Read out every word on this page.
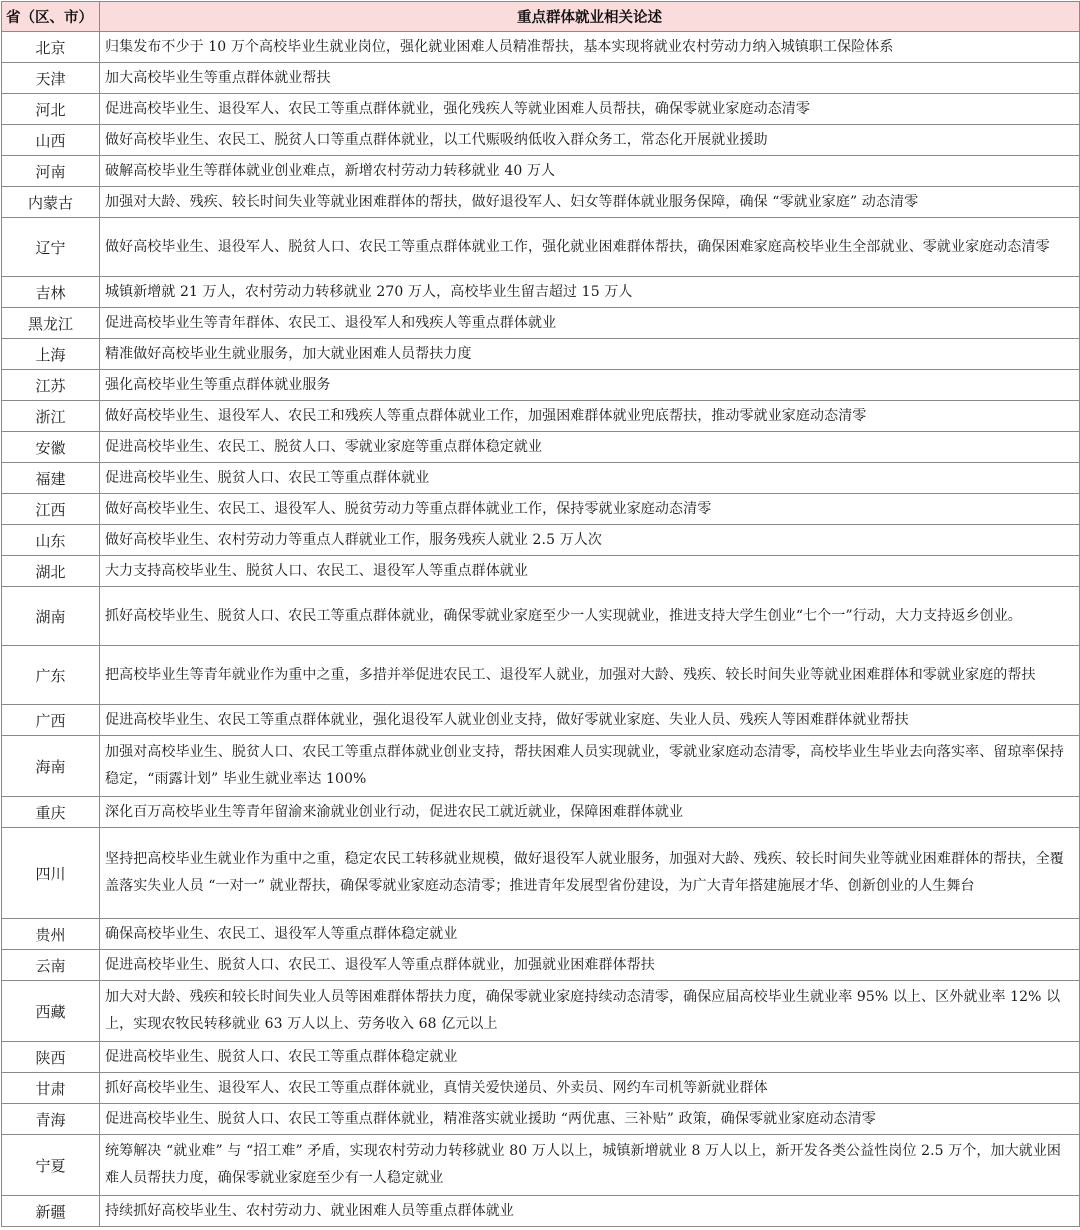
省（区、市）	重点群体就业相关论述
北京	归集发布不少于 10 万个高校毕业生就业岗位，强化就业困难人员精准帮扶，基本实现将就业农村劳动力纳入城镇职工保险体系
天津	加大高校毕业生等重点群体就业帮扶
河北	促进高校毕业生、退役军人、农民工等重点群体就业，强化残疾人等就业困难人员帮扶，确保零就业家庭动态清零
山西	做好高校毕业生、农民工、脱贫人口等重点群体就业，以工代赈吸纳低收入群众务工，常态化开展就业援助
河南	破解高校毕业生等群体就业创业难点，新增农村劳动力转移就业 40 万人
内蒙古	加强对大龄、残疾、较长时间失业等就业困难群体的帮扶，做好退役军人、妇女等群体就业服务保障，确保 “零就业家庭” 动态清零
辽宁	做好高校毕业生、退役军人、脱贫人口、农民工等重点群体就业工作，强化就业困难群体帮扶，确保困难家庭高校毕业生全部就业、零就业家庭动态清零
吉林	城镇新增就 21 万人，农村劳动力转移就业 270 万人，高校毕业生留吉超过 15 万人
黑龙江	促进高校毕业生等青年群体、农民工、退役军人和残疾人等重点群体就业
上海	精准做好高校毕业生就业服务，加大就业困难人员帮扶力度
江苏	强化高校毕业生等重点群体就业服务
浙江	做好高校毕业生、退役军人、农民工和残疾人等重点群体就业工作，加强困难群体就业兜底帮扶，推动零就业家庭动态清零
安徽	促进高校毕业生、农民工、脱贫人口、零就业家庭等重点群体稳定就业
福建	促进高校毕业生、脱贫人口、农民工等重点群体就业
江西	做好高校毕业生、农民工、退役军人、脱贫劳动力等重点群体就业工作，保持零就业家庭动态清零
山东	做好高校毕业生、农村劳动力等重点人群就业工作，服务残疾人就业 2.5 万人次
湖北	大力支持高校毕业生、脱贫人口、农民工、退役军人等重点群体就业
湖南	抓好高校毕业生、脱贫人口、农民工等重点群体就业，确保零就业家庭至少一人实现就业，推进支持大学生创业“七个一”行动，大力支持返乡创业。
广东	把高校毕业生等青年就业作为重中之重，多措并举促进农民工、退役军人就业，加强对大龄、残疾、较长时间失业等就业困难群体和零就业家庭的帮扶
广西	促进高校毕业生、农民工等重点群体就业，强化退役军人就业创业支持，做好零就业家庭、失业人员、残疾人等困难群体就业帮扶
海南	加强对高校毕业生、脱贫人口、农民工等重点群体就业创业支持，帮扶困难人员实现就业，零就业家庭动态清零，高校毕业生毕业去向落实率、留琼率保持稳定，“雨露计划” 毕业生就业率达 100%
重庆	深化百万高校毕业生等青年留渝来渝就业创业行动，促进农民工就近就业，保障困难群体就业
四川	坚持把高校毕业生就业作为重中之重，稳定农民工转移就业规模，做好退役军人就业服务，加强对大龄、残疾、较长时间失业等就业困难群体的帮扶，全覆盖落实失业人员 “一对一” 就业帮扶，确保零就业家庭动态清零；推进青年发展型省份建设，为广大青年搭建施展才华、创新创业的人生舞台
贵州	确保高校毕业生、农民工、退役军人等重点群体稳定就业
云南	促进高校毕业生、脱贫人口、农民工、退役军人等重点群体就业，加强就业困难群体帮扶
西藏	加大对大龄、残疾和较长时间失业人员等困难群体帮扶力度，确保零就业家庭持续动态清零，确保应届高校毕业生就业率 95% 以上、区外就业率 12% 以上，实现农牧民转移就业 63 万人以上、劳务收入 68 亿元以上
陕西	促进高校毕业生、脱贫人口、农民工等重点群体稳定就业
甘肃	抓好高校毕业生、退役军人、农民工等重点群体就业，真情关爱快递员、外卖员、网约车司机等新就业群体
青海	促进高校毕业生、脱贫人口、农民工等重点群体就业，精准落实就业援助 “两优惠、三补贴” 政策，确保零就业家庭动态清零
宁夏	统筹解决 “就业难” 与 “招工难” 矛盾，实现农村劳动力转移就业 80 万人以上，城镇新增就业 8 万人以上，新开发各类公益性岗位 2.5 万个，加大就业困难人员帮扶力度，确保零就业家庭至少有一人稳定就业
新疆	持续抓好高校毕业生、农村劳动力、就业困难人员等重点群体就业
